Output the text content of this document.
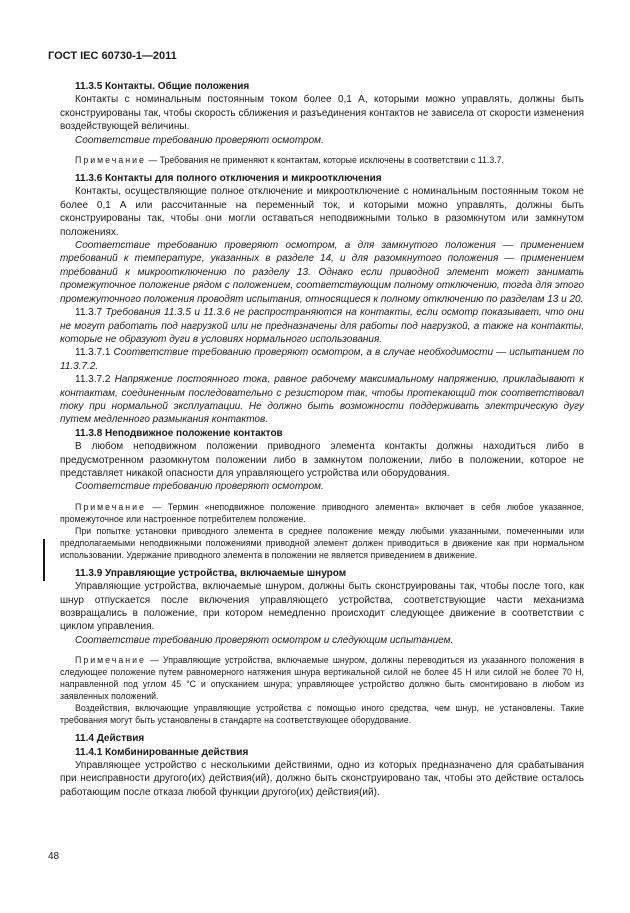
ГОСТ IEC 60730-1—2011

11.3.5 Контакты. Общие положения

Контакты с номинальным постоянным током более 0,1 А, которыми можно управлять, должны быть сконструированы так, чтобы скорость сближения и разъединения контактов не зависела от скорости изменения воздействующей величины.

Соответствие требованию проверяют осмотром.

Примечание — Требования не применяют к контактам, которые исключены в соответствии с 11.3.7.

11.3.6 Контакты для полного отключения и микроотключения

Контакты, осуществляющие полное отключение и микроотключение с номинальным постоянным током не более 0,1 А или рассчитанные на переменный ток, и которыми можно управлять, должны быть сконструированы так, чтобы они могли оставаться неподвижными только в разомкнутом или замкнутом положениях.

Соответствие требованию проверяют осмотром, а для замкнутого положения — применением требований к температуре, указанных в разделе 14, и для разомкнутого положения — применением требований к микроотключению по разделу 13. Однако если приводной элемент может занимать промежуточное положение рядом с положением, соответствующим полному отключению, тогда для этого промежуточного положения проводят испытания, относящиеся к полному отключению по разделам 13 и 20.

11.3.7 Требования 11.3.5 и 11.3.6 не распространяются на контакты, если осмотр показывает, что они не могут работать под нагрузкой или не предназначены для работы под нагрузкой, а также на контакты, которые не образуют дуги в условиях нормального использования.

11.3.7.1 Соответствие требованию проверяют осмотром, а в случае необходимости — испытанием по 11.3.7.2.

11.3.7.2 Напряжение постоянного тока, равное рабочему максимальному напряжению, прикладывают к контактам, соединенным последовательно с резистором так, чтобы протекающий ток соответствовал току при нормальной эксплуатации. Не должно быть возможности поддерживать электрическую дугу путем медленного размыкания контактов.

11.3.8 Неподвижное положение контактов

В любом неподвижном положении приводного элемента контакты должны находиться либо в предусмотренном разомкнутом положении либо в замкнутом положении, либо в положении, которое не представляет никакой опасности для управляющего устройства или оборудования.

Соответствие требованию проверяют осмотром.

Примечание — Термин «неподвижное положение приводного элемента» включает в себя любое указанное, промежуточное или настроенное потребителем положение.

При попытке установки приводного элемента в среднее положение между любыми указанными, помеченными или предполагаемыми неподвижными положениями приводной элемент должен приводиться в движение как при нормальном использовании. Удержание приводного элемента в положении не является приведением в движение.

11.3.9 Управляющие устройства, включаемые шнуром

Управляющие устройства, включаемые шнуром, должны быть сконструированы так, чтобы после того, как шнур отпускается после включения управляющего устройства, соответствующие части механизма возвращались в положение, при котором немедленно происходит следующее движение в соответствии с циклом управления.

Соответствие требованию проверяют осмотром и следующим испытанием.

Примечание — Управляющие устройства, включаемые шнуром, должны переводиться из указанного положения в следующее положение путем равномерного натяжения шнура вертикальной силой не более 45 Н или силой не более 70 Н, направленной под углом 45 °С и опусканием шнура; управляющее устройство должно быть смонтировано в любом из заявленных положений.

Воздействия, включающие управляющие устройства с помощью иного средства, чем шнур, не установлены. Такие требования могут быть установлены в стандарте на соответствующее оборудование.

11.4 Действия

11.4.1 Комбинированные действия

Управляющее устройство с несколькими действиями, одно из которых предназначено для срабатывания при неисправности другого(их) действия(ий), должно быть сконструировано так, чтобы это действие осталось работающим после отказа любой функции другого(их) действия(ий).

48
